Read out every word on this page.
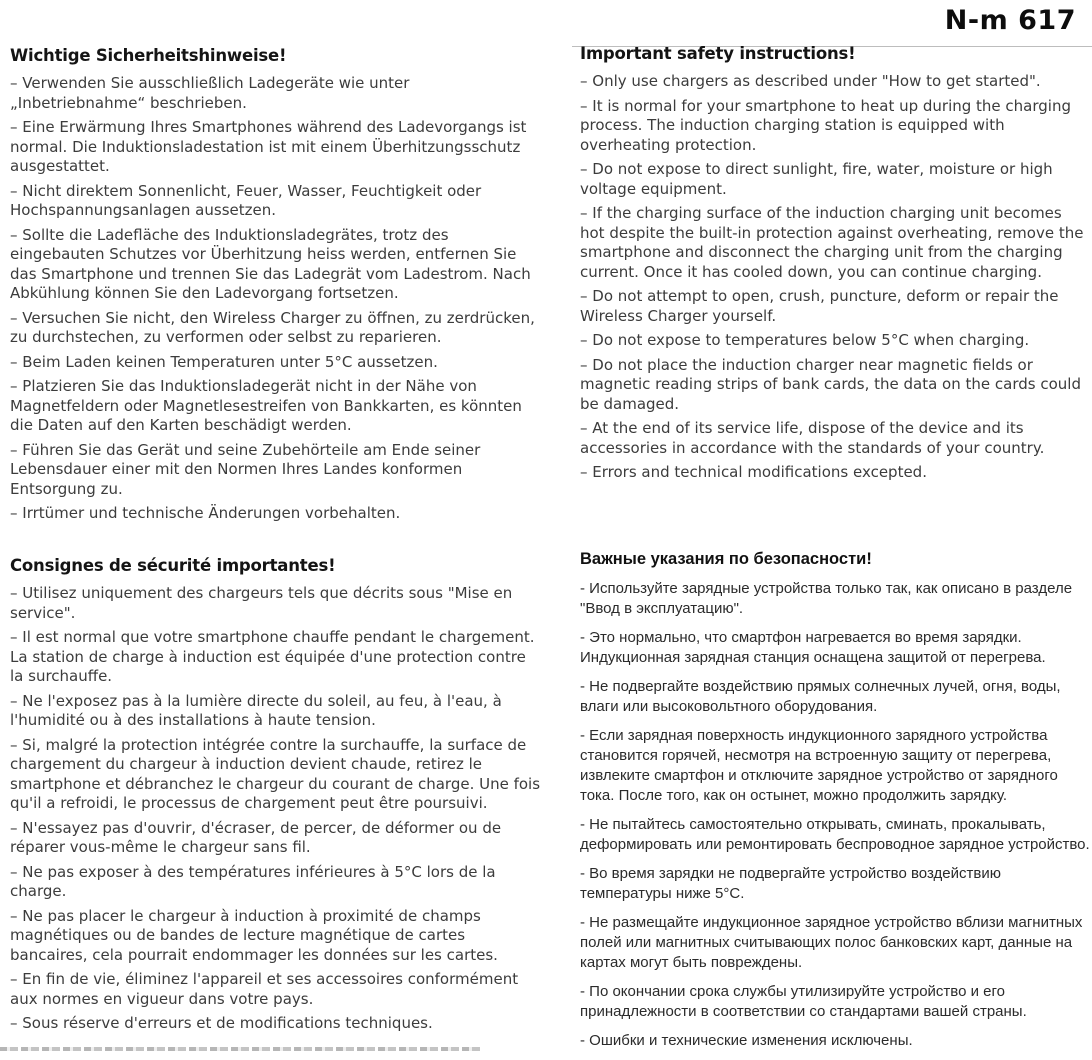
N-m 617
Wichtige Sicherheitshinweise!

– Verwenden Sie ausschließlich Ladegeräte wie unter „Inbetriebnahme“ beschrieben.

– Eine Erwärmung Ihres Smartphones während des Ladevorgangs ist normal. Die Induktionsladestation ist mit einem Überhitzungsschutz ausgestattet.

– Nicht direktem Sonnenlicht, Feuer, Wasser, Feuchtigkeit oder Hochspannungsanlagen aussetzen.

– Sollte die Ladefläche des Induktionsladegrätes, trotz des eingebauten Schutzes vor Überhitzung heiss werden, entfernen Sie das Smartphone und trennen Sie das Ladegrät vom Ladestrom. Nach Abkühlung können Sie den Ladevorgang fortsetzen.

– Versuchen Sie nicht, den Wireless Charger zu öffnen, zu zerdrücken, zu durchstechen, zu verformen oder selbst zu reparieren.

– Beim Laden keinen Temperaturen unter 5°C aussetzen.

– Platzieren Sie das Induktionsladegerät nicht in der Nähe von Magnetfeldern oder Magnetlesestreifen von Bankkarten, es könnten die Daten auf den Karten beschädigt werden.

– Führen Sie das Gerät und seine Zubehörteile am Ende seiner Lebensdauer einer mit den Normen Ihres Landes konformen Entsorgung zu.

– Irrtümer und technische Änderungen vorbehalten.

Important safety instructions!

– Only use chargers as described under "How to get started".

– It is normal for your smartphone to heat up during the charging process. The induction charging station is equipped with overheating protection.

– Do not expose to direct sunlight, fire, water, moisture or high voltage equipment.

– If the charging surface of the induction charging unit becomes hot despite the built-in protection against overheating, remove the smartphone and disconnect the charging unit from the charging current. Once it has cooled down, you can continue charging.

– Do not attempt to open, crush, puncture, deform or repair the Wireless Charger yourself.

– Do not expose to temperatures below 5°C when charging.

– Do not place the induction charger near magnetic fields or magnetic reading strips of bank cards, the data on the cards could be damaged.

– At the end of its service life, dispose of the device and its accessories in accordance with the standards of your country.

– Errors and technical modifications excepted.

Consignes de sécurité importantes!

– Utilisez uniquement des chargeurs tels que décrits sous "Mise en service".

– Il est normal que votre smartphone chauffe pendant le chargement. La station de charge à induction est équipée d'une protection contre la surchauffe.

– Ne l'exposez pas à la lumière directe du soleil, au feu, à l'eau, à l'humidité ou à des installations à haute tension.

– Si, malgré la protection intégrée contre la surchauffe, la surface de chargement du chargeur à induction devient chaude, retirez le smartphone et débranchez le chargeur du courant de charge. Une fois qu'il a refroidi, le processus de chargement peut être poursuivi.

– N'essayez pas d'ouvrir, d'écraser, de percer, de déformer ou de réparer vous-même le chargeur sans fil.

– Ne pas exposer à des températures inférieures à 5°C lors de la charge.

– Ne pas placer le chargeur à induction à proximité de champs magnétiques ou de bandes de lecture magnétique de cartes bancaires, cela pourrait endommager les données sur les cartes.

– En fin de vie, éliminez l'appareil et ses accessoires conformément aux normes en vigueur dans votre pays.

– Sous réserve d'erreurs et de modifications techniques.

Важные указания по безопасности!

- Используйте зарядные устройства только так, как описано в разделе "Ввод в эксплуатацию".

- Это нормально, что смартфон нагревается во время зарядки. Индукционная зарядная станция оснащена защитой от перегрева.

- Не подвергайте воздействию прямых солнечных лучей, огня, воды, влаги или высоковольтного оборудования.

- Если зарядная поверхность индукционного зарядного устройства становится горячей, несмотря на встроенную защиту от перегрева, извлеките смартфон и отключите зарядное устройство от зарядного тока. После того, как он остынет, можно продолжить зарядку.

- Не пытайтесь самостоятельно открывать, сминать, прокалывать, деформировать или ремонтировать беспроводное зарядное устройство.

- Во время зарядки не подвергайте устройство воздействию температуры ниже 5°C.

- Не размещайте индукционное зарядное устройство вблизи магнитных полей или магнитных считывающих полос банковских карт, данные на картах могут быть повреждены.

- По окончании срока службы утилизируйте устройство и его принадлежности в соответствии со стандартами вашей страны.

- Ошибки и технические изменения исключены.
